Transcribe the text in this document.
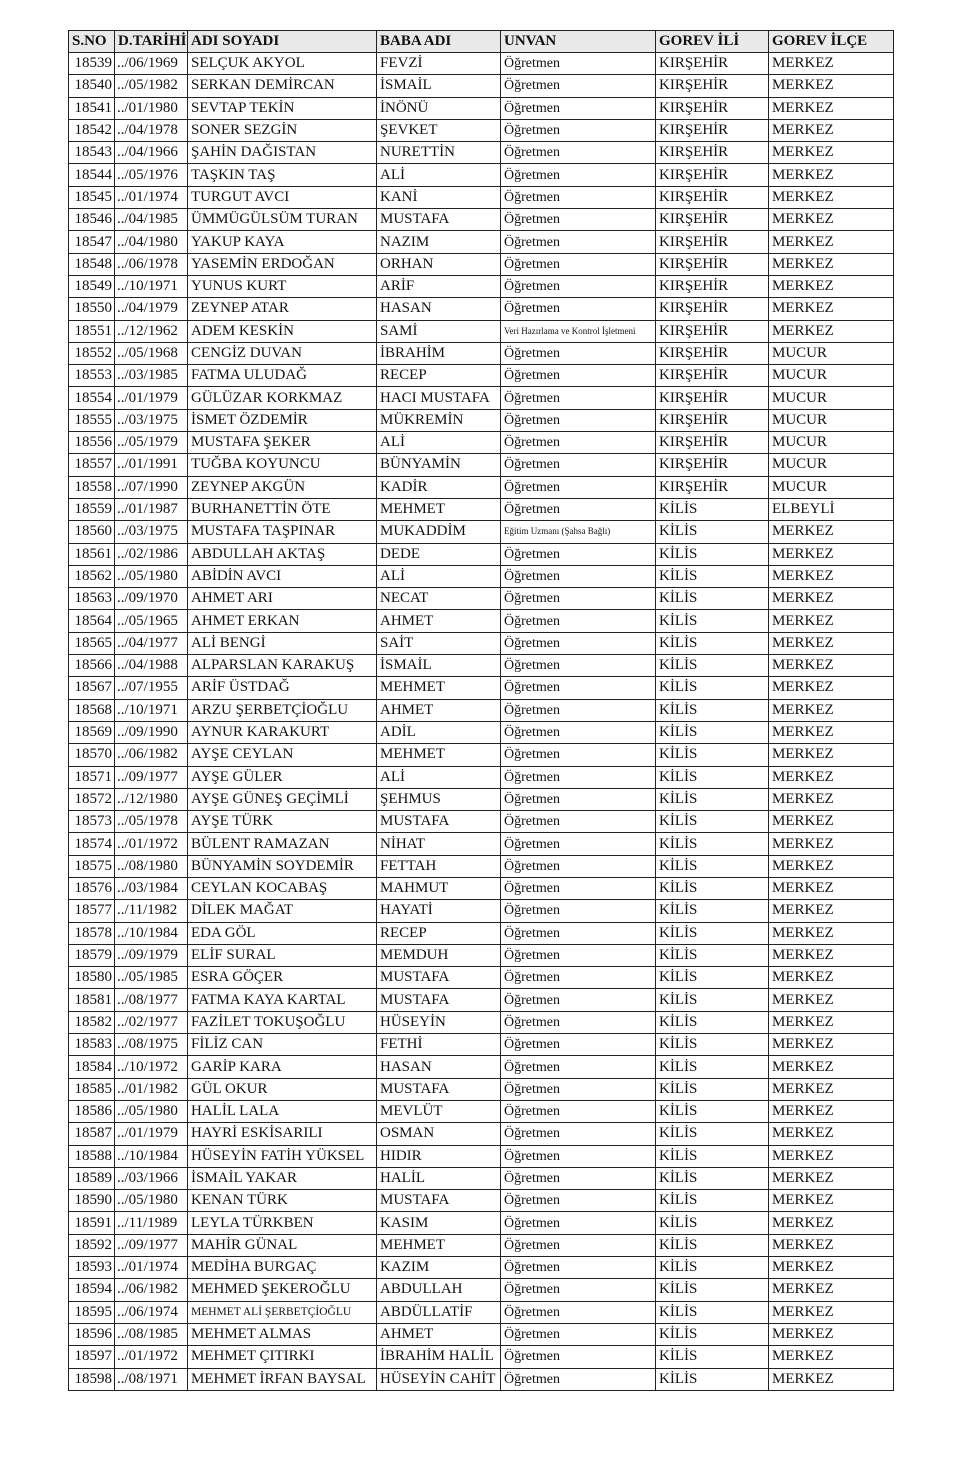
S.NO	D.TARİHİ	ADI SOYADI	BABA ADI	UNVAN	GOREV İLİ	GOREV İLÇE
18539	../06/1969	SELÇUK AKYOL	FEVZİ	Öğretmen	KIRŞEHİR	MERKEZ
18540	../05/1982	SERKAN DEMİRCAN	İSMAİL	Öğretmen	KIRŞEHİR	MERKEZ
18541	../01/1980	SEVTAP TEKİN	İNÖNÜ	Öğretmen	KIRŞEHİR	MERKEZ
18542	../04/1978	SONER SEZGİN	ŞEVKET	Öğretmen	KIRŞEHİR	MERKEZ
18543	../04/1966	ŞAHİN DAĞISTAN	NURETTİN	Öğretmen	KIRŞEHİR	MERKEZ
18544	../05/1976	TAŞKIN TAŞ	ALİ	Öğretmen	KIRŞEHİR	MERKEZ
18545	../01/1974	TURGUT AVCI	KANİ	Öğretmen	KIRŞEHİR	MERKEZ
18546	../04/1985	ÜMMÜGÜLSÜM TURAN	MUSTAFA	Öğretmen	KIRŞEHİR	MERKEZ
18547	../04/1980	YAKUP KAYA	NAZIM	Öğretmen	KIRŞEHİR	MERKEZ
18548	../06/1978	YASEMİN ERDOĞAN	ORHAN	Öğretmen	KIRŞEHİR	MERKEZ
18549	../10/1971	YUNUS KURT	ARİF	Öğretmen	KIRŞEHİR	MERKEZ
18550	../04/1979	ZEYNEP ATAR	HASAN	Öğretmen	KIRŞEHİR	MERKEZ
18551	../12/1962	ADEM KESKİN	SAMİ	Veri Hazırlama ve Kontrol İşletmeni	KIRŞEHİR	MERKEZ
18552	../05/1968	CENGİZ DUVAN	İBRAHİM	Öğretmen	KIRŞEHİR	MUCUR
18553	../03/1985	FATMA ULUDAĞ	RECEP	Öğretmen	KIRŞEHİR	MUCUR
18554	../01/1979	GÜLÜZAR KORKMAZ	HACI MUSTAFA	Öğretmen	KIRŞEHİR	MUCUR
18555	../03/1975	İSMET ÖZDEMİR	MÜKREMİN	Öğretmen	KIRŞEHİR	MUCUR
18556	../05/1979	MUSTAFA ŞEKER	ALİ	Öğretmen	KIRŞEHİR	MUCUR
18557	../01/1991	TUĞBA KOYUNCU	BÜNYAMİN	Öğretmen	KIRŞEHİR	MUCUR
18558	../07/1990	ZEYNEP AKGÜN	KADİR	Öğretmen	KIRŞEHİR	MUCUR
18559	../01/1987	BURHANETTİN ÖTE	MEHMET	Öğretmen	KİLİS	ELBEYLİ
18560	../03/1975	MUSTAFA TAŞPINAR	MUKADDİM	Eğitim Uzmanı (Şahsa Bağlı)	KİLİS	MERKEZ
18561	../02/1986	ABDULLAH AKTAŞ	DEDE	Öğretmen	KİLİS	MERKEZ
18562	../05/1980	ABİDİN AVCI	ALİ	Öğretmen	KİLİS	MERKEZ
18563	../09/1970	AHMET ARI	NECAT	Öğretmen	KİLİS	MERKEZ
18564	../05/1965	AHMET ERKAN	AHMET	Öğretmen	KİLİS	MERKEZ
18565	../04/1977	ALİ BENGİ	SAİT	Öğretmen	KİLİS	MERKEZ
18566	../04/1988	ALPARSLAN KARAKUŞ	İSMAİL	Öğretmen	KİLİS	MERKEZ
18567	../07/1955	ARİF ÜSTDAĞ	MEHMET	Öğretmen	KİLİS	MERKEZ
18568	../10/1971	ARZU ŞERBETÇİOĞLU	AHMET	Öğretmen	KİLİS	MERKEZ
18569	../09/1990	AYNUR KARAKURT	ADİL	Öğretmen	KİLİS	MERKEZ
18570	../06/1982	AYŞE CEYLAN	MEHMET	Öğretmen	KİLİS	MERKEZ
18571	../09/1977	AYŞE GÜLER	ALİ	Öğretmen	KİLİS	MERKEZ
18572	../12/1980	AYŞE GÜNEŞ GEÇİMLİ	ŞEHMUS	Öğretmen	KİLİS	MERKEZ
18573	../05/1978	AYŞE TÜRK	MUSTAFA	Öğretmen	KİLİS	MERKEZ
18574	../01/1972	BÜLENT RAMAZAN	NİHAT	Öğretmen	KİLİS	MERKEZ
18575	../08/1980	BÜNYAMİN SOYDEMİR	FETTAH	Öğretmen	KİLİS	MERKEZ
18576	../03/1984	CEYLAN KOCABAŞ	MAHMUT	Öğretmen	KİLİS	MERKEZ
18577	../11/1982	DİLEK MAĞAT	HAYATİ	Öğretmen	KİLİS	MERKEZ
18578	../10/1984	EDA GÖL	RECEP	Öğretmen	KİLİS	MERKEZ
18579	../09/1979	ELİF SURAL	MEMDUH	Öğretmen	KİLİS	MERKEZ
18580	../05/1985	ESRA GÖÇER	MUSTAFA	Öğretmen	KİLİS	MERKEZ
18581	../08/1977	FATMA KAYA KARTAL	MUSTAFA	Öğretmen	KİLİS	MERKEZ
18582	../02/1977	FAZİLET TOKUŞOĞLU	HÜSEYİN	Öğretmen	KİLİS	MERKEZ
18583	../08/1975	FİLİZ CAN	FETHİ	Öğretmen	KİLİS	MERKEZ
18584	../10/1972	GARİP KARA	HASAN	Öğretmen	KİLİS	MERKEZ
18585	../01/1982	GÜL OKUR	MUSTAFA	Öğretmen	KİLİS	MERKEZ
18586	../05/1980	HALİL LALA	MEVLÜT	Öğretmen	KİLİS	MERKEZ
18587	../01/1979	HAYRİ ESKİSARILI	OSMAN	Öğretmen	KİLİS	MERKEZ
18588	../10/1984	HÜSEYİN FATİH YÜKSEL	HIDIR	Öğretmen	KİLİS	MERKEZ
18589	../03/1966	İSMAİL YAKAR	HALİL	Öğretmen	KİLİS	MERKEZ
18590	../05/1980	KENAN TÜRK	MUSTAFA	Öğretmen	KİLİS	MERKEZ
18591	../11/1989	LEYLA TÜRKBEN	KASIM	Öğretmen	KİLİS	MERKEZ
18592	../09/1977	MAHİR GÜNAL	MEHMET	Öğretmen	KİLİS	MERKEZ
18593	../01/1974	MEDİHA BURGAÇ	KAZIM	Öğretmen	KİLİS	MERKEZ
18594	../06/1982	MEHMED ŞEKEROĞLU	ABDULLAH	Öğretmen	KİLİS	MERKEZ
18595	../06/1974	MEHMET ALİ ŞERBETÇİOĞLU	ABDÜLLATİF	Öğretmen	KİLİS	MERKEZ
18596	../08/1985	MEHMET ALMAS	AHMET	Öğretmen	KİLİS	MERKEZ
18597	../01/1972	MEHMET ÇITIRKI	İBRAHİM HALİL	Öğretmen	KİLİS	MERKEZ
18598	../08/1971	MEHMET İRFAN BAYSAL	HÜSEYİN CAHİT	Öğretmen	KİLİS	MERKEZ
